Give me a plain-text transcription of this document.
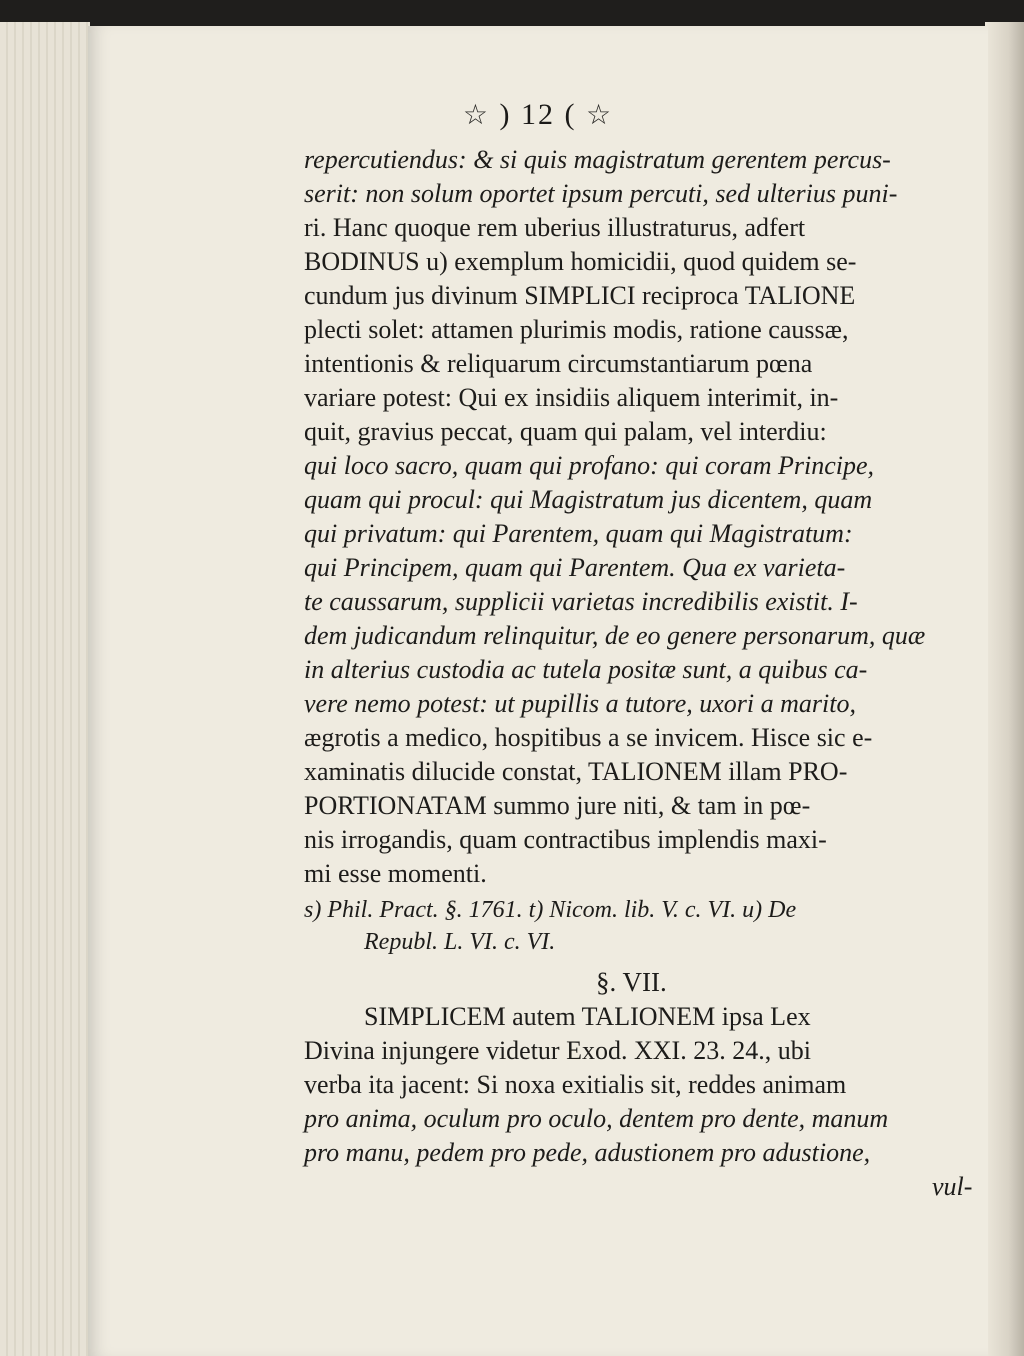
☆ ) 12 ( ☆
repercutiendus: & si quis magistratum gerentem percus-
serit: non solum oportet ipsum percuti, sed ulterius puni-
ri. Hanc quoque rem uberius illustraturus, adfert
BODINUS u) exemplum homicidii, quod quidem se-
cundum jus divinum SIMPLICI reciproca TALIONE
plecti solet: attamen plurimis modis, ratione caussæ,
intentionis & reliquarum circumstantiarum pœna
variare potest: Qui ex insidiis aliquem interimit, in-
quit, gravius peccat, quam qui palam, vel interdiu:
qui loco sacro, quam qui profano: qui coram Principe,
quam qui procul: qui Magistratum jus dicentem, quam
qui privatum: qui Parentem, quam qui Magistratum:
qui Principem, quam qui Parentem. Qua ex varieta-
te caussarum, supplicii varietas incredibilis existit. I-
dem judicandum relinquitur, de eo genere personarum, quæ
in alterius custodia ac tutela positæ sunt, a quibus ca-
vere nemo potest: ut pupillis a tutore, uxori a marito,
ægrotis a medico, hospitibus a se invicem. Hisce sic e-
xaminatis dilucide constat, TALIONEM illam PRO-
PORTIONATAM summo jure niti, & tam in pœ-
nis irrogandis, quam contractibus implendis maxi-
mi esse momenti.
s) Phil. Pract. §. 1761. t) Nicom. lib. V. c. VI. u) De
Republ. L. VI. c. VI.
§. VII.
SIMPLICEM autem TALIONEM ipsa Lex
Divina injungere videtur Exod. XXI. 23. 24., ubi
verba ita jacent: Si noxa exitialis sit, reddes animam
pro anima, oculum pro oculo, dentem pro dente, manum
pro manu, pedem pro pede, adustionem pro adustione,
vul-
